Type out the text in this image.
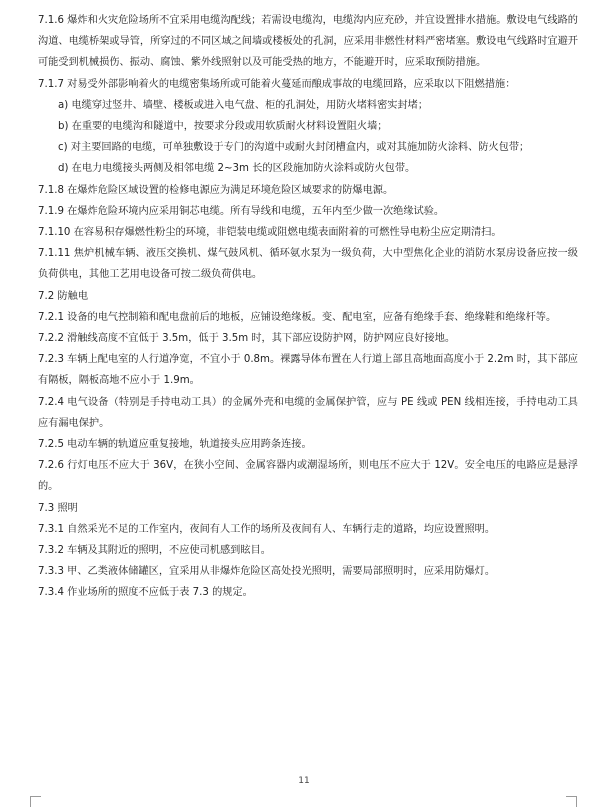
7.1.6 爆炸和火灾危险场所不宜采用电缆沟配线；若需设电缆沟，电缆沟内应充砂，并宜设置排水措施。敷设电气线路的沟道、电缆桥架或导管，所穿过的不同区域之间墙或楼板处的孔洞，应采用非燃性材料严密堵塞。敷设电气线路时宜避开可能受到机械损伤、振动、腐蚀、紫外线照射以及可能受热的地方，不能避开时，应采取预防措施。

7.1.7 对易受外部影响着火的电缆密集场所或可能着火蔓延而酿成事故的电缆回路，应采取以下阻燃措施：

a) 电缆穿过竖井、墙壁、楼板或进入电气盘、柜的孔洞处，用防火堵料密实封堵；

b) 在重要的电缆沟和隧道中，按要求分段或用软质耐火材料设置阻火墙；

c) 对主要回路的电缆，可单独敷设于专门的沟道中或耐火封闭槽盒内，或对其施加防火涂料、防火包带；

d) 在电力电缆接头两侧及相邻电缆 2~3m 长的区段施加防火涂料或防火包带。

7.1.8 在爆炸危险区域设置的检修电源应为满足环境危险区域要求的防爆电源。

7.1.9 在爆炸危险环境内应采用铜芯电缆。所有导线和电缆，五年内至少做一次绝缘试验。

7.1.10 在容易积存爆燃性粉尘的环境，非铠装电缆或阻燃电缆表面附着的可燃性导电粉尘应定期清扫。

7.1.11 焦炉机械车辆、液压交换机、煤气鼓风机、循环氨水泵为一级负荷，大中型焦化企业的消防水泵房设备应按一级负荷供电，其他工艺用电设备可按二级负荷供电。

7.2 防触电

7.2.1 设备的电气控制箱和配电盘前后的地板，应铺设绝缘板。变、配电室，应备有绝缘手套、绝缘鞋和绝缘杆等。

7.2.2 滑触线高度不宜低于 3.5m，低于 3.5m 时，其下部应设防护网，防护网应良好接地。

7.2.3 车辆上配电室的人行道净宽，不宜小于 0.8m。裸露导体布置在人行道上部且高地面高度小于 2.2m 时，其下部应有隔板，隔板高地不应小于 1.9m。

7.2.4 电气设备（特别是手持电动工具）的金属外壳和电缆的金属保护管，应与 PE 线或 PEN 线相连接，手持电动工具应有漏电保护。

7.2.5 电动车辆的轨道应重复接地，轨道接头应用跨条连接。

7.2.6 行灯电压不应大于 36V，在狭小空间、金属容器内或潮湿场所，则电压不应大于 12V。安全电压的电路应是悬浮的。

7.3 照明

7.3.1 自然采光不足的工作室内，夜间有人工作的场所及夜间有人、车辆行走的道路，均应设置照明。

7.3.2 车辆及其附近的照明，不应使司机感到眩目。

7.3.3 甲、乙类液体储罐区，宜采用从非爆炸危险区高处投光照明，需要局部照明时，应采用防爆灯。

7.3.4 作业场所的照度不应低于表 7.3 的规定。

11
